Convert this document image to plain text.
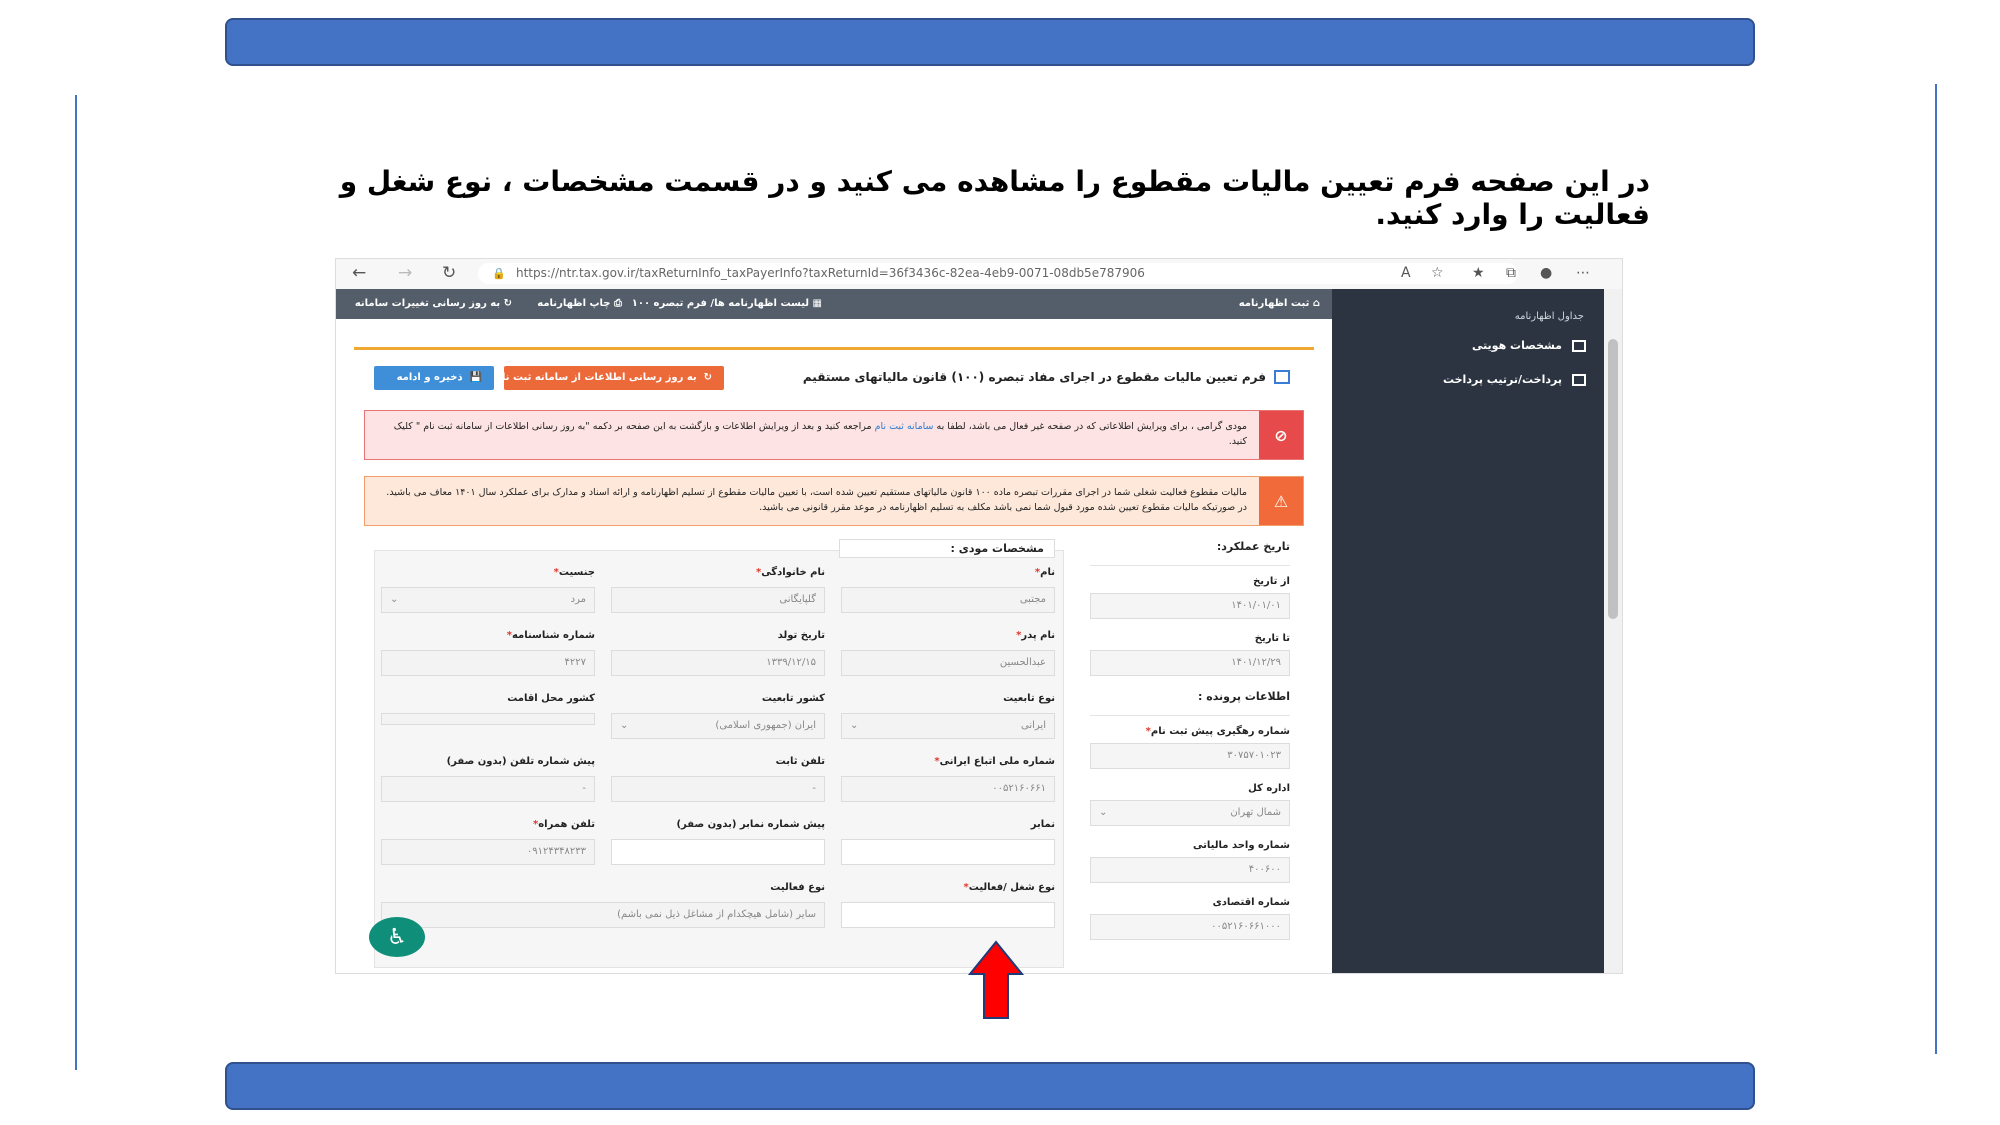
در این صفحه فرم تعیین مالیات مقطوع را مشاهده می کنید و در قسمت مشخصات ، نوع شغل و فعالیت را وارد کنید.
← → ↻	🔒 https://ntr.tax.gov.ir/taxReturnInfo_taxPayerInfo?taxReturnId=36f3436c-82ea-4eb9-0071-08db5e787906	A ☆ ★ ⧉ ● ⋯
⌂ ثبت اظهارنامه
▦ لیست اظهارنامه ها/ فرم تبصره ۱۰۰
⎙ چاپ اظهارنامه
↻ به روز رسانی تغییرات سامانه
جداول اظهارنامه
مشخصات هویتی
پرداخت/ترتیب پرداخت
فرم تعیین مالیات مقطوع در اجرای مفاد تبصره (۱۰۰) قانون مالیاتهای مستقیم
↻  به روز رسانی اطلاعات از سامانه ثبت نام
💾  ذخیره و ادامه
⊘
مودی گرامی ، برای ویرایش اطلاعاتی که در صفحه غیر فعال می باشد، لطفا به سامانه ثبت نام مراجعه کنید و بعد از ویرایش اطلاعات و بازگشت به این صفحه بر دکمه "به روز رسانی اطلاعات از سامانه ثبت نام " کلیک کنید.
⚠
مالیات مقطوع فعالیت شغلی شما در اجرای مقررات تبصره ماده ۱۰۰ قانون مالیاتهای مستقیم تعیین شده است، با تعیین مالیات مقطوع از تسلیم اظهارنامه و ارائه اسناد و مدارک برای عملکرد سال ۱۴۰۱ معاف می باشید. در صورتیکه مالیات مقطوع تعیین شده مورد قبول شما نمی باشد مکلف به تسلیم اظهارنامه در موعد مقرر قانونی می باشید.
تاریخ عملکرد:
از تاریخ
۱۴۰۱/۰۱/۰۱
تا تاریخ
۱۴۰۱/۱۲/۲۹
اطلاعات پرونده :
شماره رهگیری پیش ثبت نام*
۳۰۷۵۷۰۱۰۲۳
اداره کل
شمال تهران
⌄
شماره واحد مالیاتی
۴۰۰۶۰۰
شماره اقتصادی
۰۰۵۲۱۶۰۶۶۱۰۰۰
مشخصات مودی :
نام*
مجتبی
نام خانوادگی*
گلپایگانی
جنسیت*
مرد
⌄
نام پدر*
عبدالحسین
تاریخ تولد
۱۳۳۹/۱۲/۱۵
شماره شناسنامه*
۴۲۲۷
نوع تابعیت
ایرانی
⌄
کشور تابعیت
ایران (جمهوری اسلامی)
⌄
کشور محل اقامت
شماره ملی اتباع ایرانی*
۰۰۵۲۱۶۰۶۶۱
تلفن ثابت
-
پیش شماره تلفن (بدون صفر)
-
نمابر
پیش شماره نمابر (بدون صفر)
تلفن همراه*
۰۹۱۲۴۳۴۸۲۳۳
نوع شغل /فعالیت*
نوع فعالیت
سایر (شامل هیچکدام از مشاغل ذیل نمی باشم)
♿
